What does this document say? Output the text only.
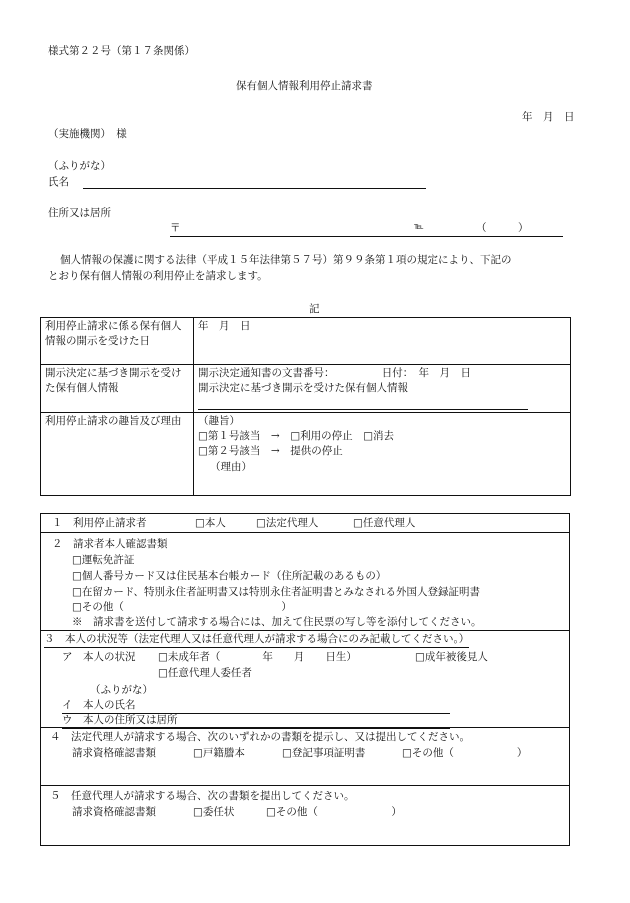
様式第２２号（第１７条関係）
保有個人情報利用停止請求書
年　月　日
（実施機関）　様
（ふりがな）
氏名
住所又は居所
〒	℡	（　　　）
個人情報の保護に関する法律（平成１５年法律第５７号）第９９条第１項の規定により、下記の
とおり保有個人情報の利用停止を請求します。
記
利用停止請求に係る保有個人情報の開示を受けた日	年　月　日
開示決定に基づき開示を受けた保有個人情報	開示決定通知書の文書番号：　　　　　日付：　年　月　日
開示決定に基づき開示を受けた保有個人情報

利用停止請求の趣旨及び理由	（趣旨）
□第１号該当　→　□利用の停止　□消去
□第２号該当　→　提供の停止
（理由）
１　利用停止請求者	□本人	□法定代理人	□任意代理人
２　請求者本人確認書類
□運転免許証
□個人番号カード又は住民基本台帳カード（住所記載のあるもの）
□在留カード、特別永住者証明書又は特別永住者証明書とみなされる外国人登録証明書
□その他（　　　　　　　　　　　　　　　）
※　請求書を送付して請求する場合には、加えて住民票の写し等を添付してください。
３　本人の状況等（法定代理人又は任意代理人が請求する場合にのみ記載してください。）
ア　本人の状況 □未成年者（　　　　年　　月　　日生）	□成年被後見人
□任意代理人委任者
（ふりがな）
イ　本人の氏名
ウ　本人の住所又は居所
４　法定代理人が請求する場合、次のいずれかの書類を提示し、又は提出してください。
請求資格確認書類	□戸籍謄本	□登記事項証明書	□その他（　　　　　　）
５　任意代理人が請求する場合、次の書類を提出してください。
請求資格確認書類	□委任状	□その他（　　　　　　　）
